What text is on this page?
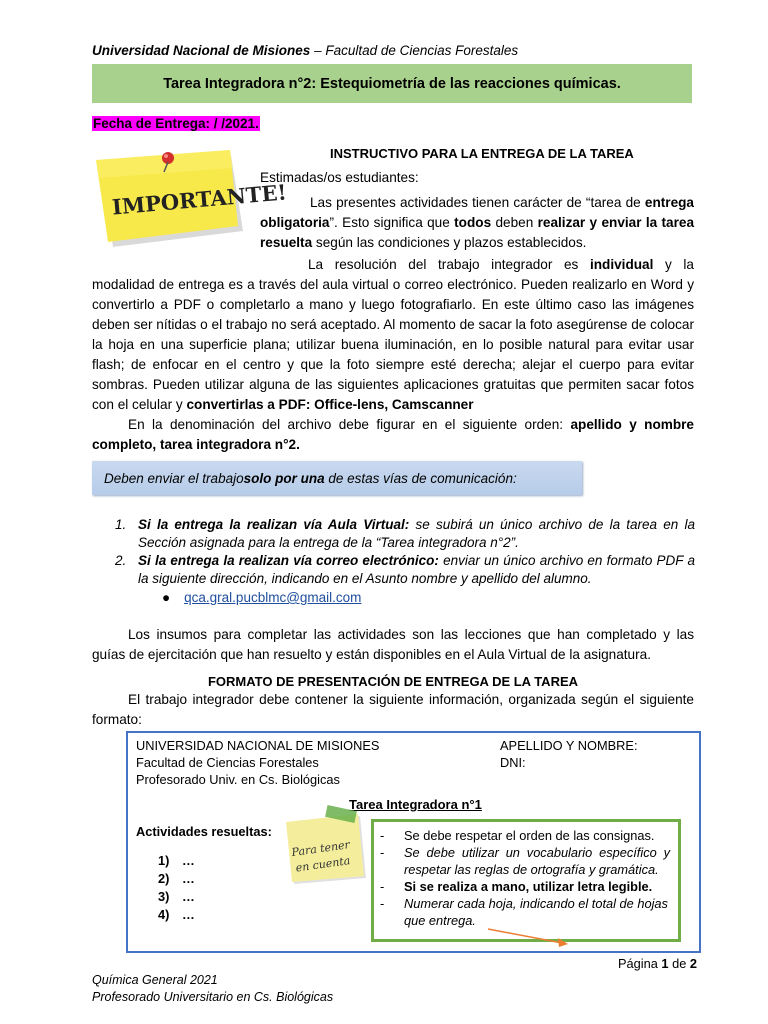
Universidad Nacional de Misiones – Facultad de Ciencias Forestales
Tarea Integradora n°2: Estequiometría de las reacciones químicas.
Fecha de Entrega: / /2021.
IMPORTANTE!
INSTRUCTIVO PARA LA ENTREGA DE LA TAREA
Estimadas/os estudiantes:

Las presentes actividades tienen carácter de “tarea de entrega obligatoria”. Esto significa que todos deben realizar y enviar la tarea resuelta según las condiciones y plazos establecidos.

La resolución del trabajo integrador es individual y la modalidad de entrega es a través del aula virtual o correo electrónico. Pueden realizarlo en Word y convertirlo a PDF o completarlo a mano y luego fotografiarlo. En este último caso las imágenes deben ser nítidas o el trabajo no será aceptado. Al momento de sacar la foto asegúrense de colocar la hoja en una superficie plana; utilizar buena iluminación, en lo posible natural para evitar usar flash; de enfocar en el centro y que la foto siempre esté derecha; alejar el cuerpo para evitar sombras. Pueden utilizar alguna de las siguientes aplicaciones gratuitas que permiten sacar fotos con el celular y convertirlas a PDF: Office-lens, Camscanner

En la denominación del archivo debe figurar en el siguiente orden: apellido y nombre completo, tarea integradora n°2.

Deben enviar el trabajo solo por una de estas vías de comunicación:
1. Si la entrega la realizan vía Aula Virtual: se subirá un único archivo de la tarea en la Sección asignada para la entrega de la “Tarea integradora n°2”.
2. Si la entrega la realizan vía correo electrónico: enviar un único archivo en formato PDF a la siguiente dirección, indicando en el Asunto nombre y apellido del alumno.
● qca.gral.pucblmc@gmail.com

Los insumos para completar las actividades son las lecciones que han completado y las guías de ejercitación que han resuelto y están disponibles en el Aula Virtual de la asignatura.

FORMATO DE PRESENTACIÓN DE ENTREGA DE LA TAREA

El trabajo integrador debe contener la siguiente información, organizada según el siguiente formato:

UNIVERSIDAD NACIONAL DE MISIONES
Facultad de Ciencias Forestales
Profesorado Univ. en Cs. Biológicas
APELLIDO Y NOMBRE:
DNI:
Tarea Integradora n°1
Actividades resueltas:
1) …
2) …
3) …
4) …
Para tener
en cuenta
-	Se debe respetar el orden de las consignas.
-	Se debe utilizar un vocabulario específico y respetar las reglas de ortografía y gramática.
-	Si se realiza a mano, utilizar letra legible.
-	Numerar cada hoja, indicando el total de hojas que entrega.
Página 1 de 2
Química General 2021
Profesorado Universitario en Cs. Biológicas
